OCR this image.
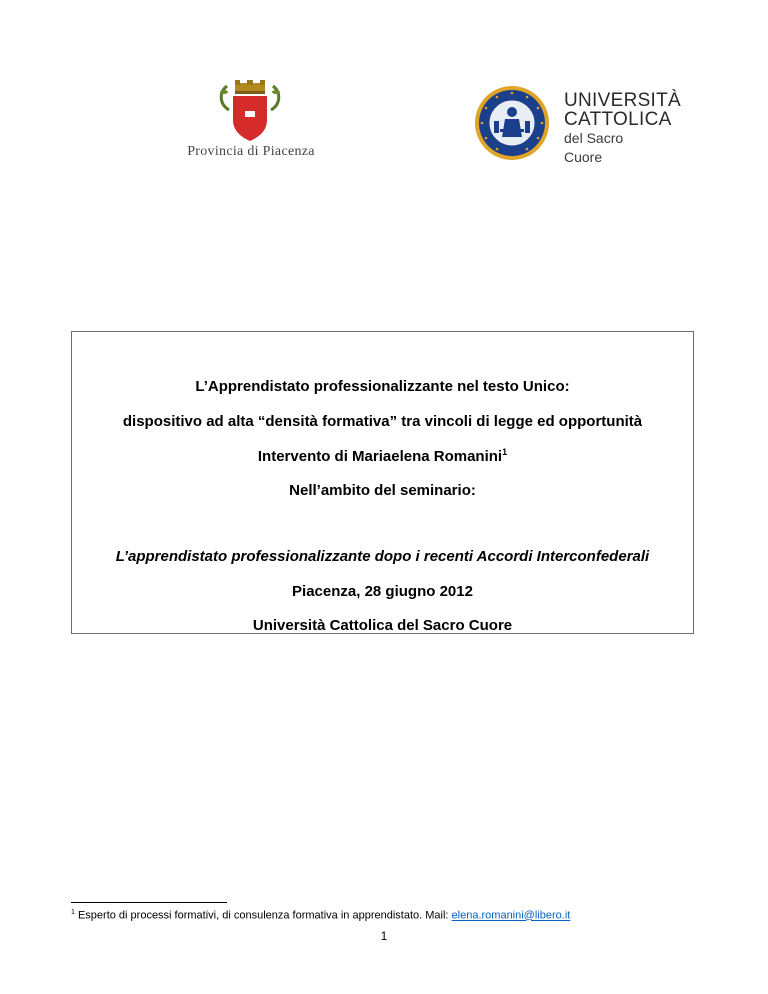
Provincia di Piacenza
UNIVERSITÀ
CATTOLICA
del Sacro Cuore
L’Apprendistato professionalizzante nel testo Unico:
dispositivo ad alta “densità formativa” tra vincoli di legge ed opportunità
Intervento di Mariaelena Romanini$^1$
Nell’ambito del seminario:
L’apprendistato professionalizzante dopo i recenti Accordi Interconfederali
Piacenza, 28 giugno 2012
Università Cattolica del Sacro Cuore
$^1$ Esperto di processi formativi, di consulenza formativa in apprendistato. Mail: elena.romanini@libero.it
1
